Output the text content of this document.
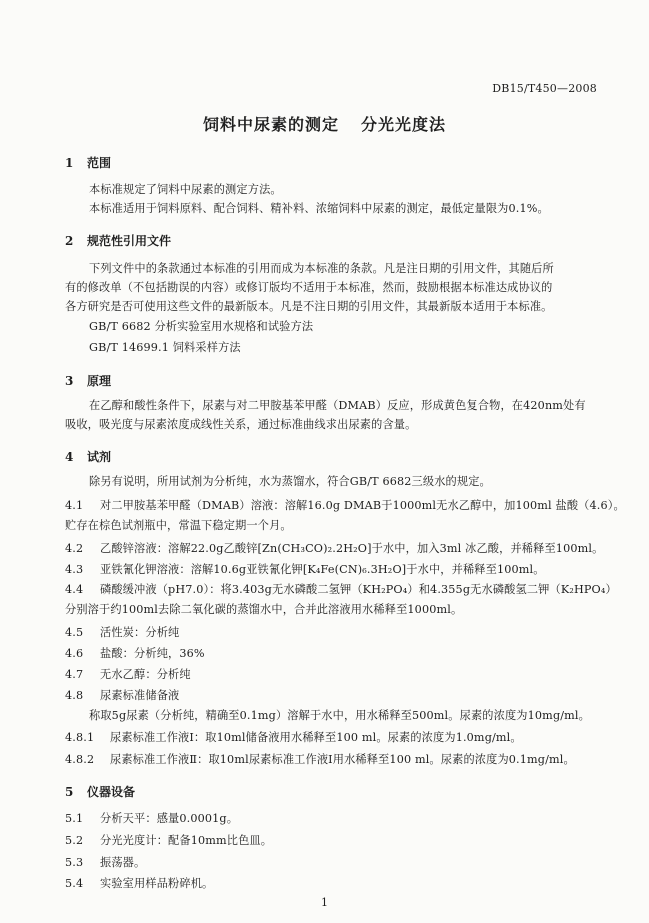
DB15/T450—2008
饲料中尿素的测定 分光光度法
1 范围
本标准规定了饲料中尿素的测定方法。
本标准适用于饲料原料、配合饲料、精补料、浓缩饲料中尿素的测定，最低定量限为0.1%。
2 规范性引用文件
下列文件中的条款通过本标准的引用而成为本标准的条款。凡是注日期的引用文件，其随后所
有的修改单（不包括勘误的内容）或修订版均不适用于本标准，然而，鼓励根据本标准达成协议的
各方研究是否可使用这些文件的最新版本。凡是不注日期的引用文件，其最新版本适用于本标准。
GB/T 6682 分析实验室用水规格和试验方法
GB/T 14699.1 饲料采样方法
3 原理
在乙醇和酸性条件下，尿素与对二甲胺基苯甲醛（DMAB）反应，形成黄色复合物，在420nm处有
吸收，吸光度与尿素浓度成线性关系，通过标准曲线求出尿素的含量。
4 试剂
除另有说明，所用试剂为分析纯，水为蒸馏水，符合GB/T 6682三级水的规定。
4.1 对二甲胺基苯甲醛（DMAB）溶液：溶解16.0g DMAB于1000ml无水乙醇中，加100ml 盐酸（4.6）。
贮存在棕色试剂瓶中，常温下稳定期一个月。
4.2 乙酸锌溶液：溶解22.0g乙酸锌[Zn(CH₃CO)₂.2H₂O]于水中，加入3ml 冰乙酸，并稀释至100ml。
4.3 亚铁氰化钾溶液：溶解10.6g亚铁氰化钾[K₄Fe(CN)₆.3H₂O]于水中，并稀释至100ml。
4.4 磷酸缓冲液（pH7.0）：将3.403g无水磷酸二氢钾（KH₂PO₄）和4.355g无水磷酸氢二钾（K₂HPO₄）
分别溶于约100ml去除二氧化碳的蒸馏水中，合并此溶液用水稀释至1000ml。
4.5 活性炭：分析纯
4.6 盐酸：分析纯，36%
4.7 无水乙醇：分析纯
4.8 尿素标准储备液
称取5g尿素（分析纯，精确至0.1mg）溶解于水中，用水稀释至500ml。尿素的浓度为10mg/ml。
4.8.1 尿素标准工作液Ⅰ：取10ml储备液用水稀释至100 ml。尿素的浓度为1.0mg/ml。
4.8.2 尿素标准工作液Ⅱ：取10ml尿素标准工作液Ⅰ用水稀释至100 ml。尿素的浓度为0.1mg/ml。
5 仪器设备
5.1 分析天平：感量0.0001g。
5.2 分光光度计：配备10mm比色皿。
5.3 振荡器。
5.4 实验室用样品粉碎机。
1
